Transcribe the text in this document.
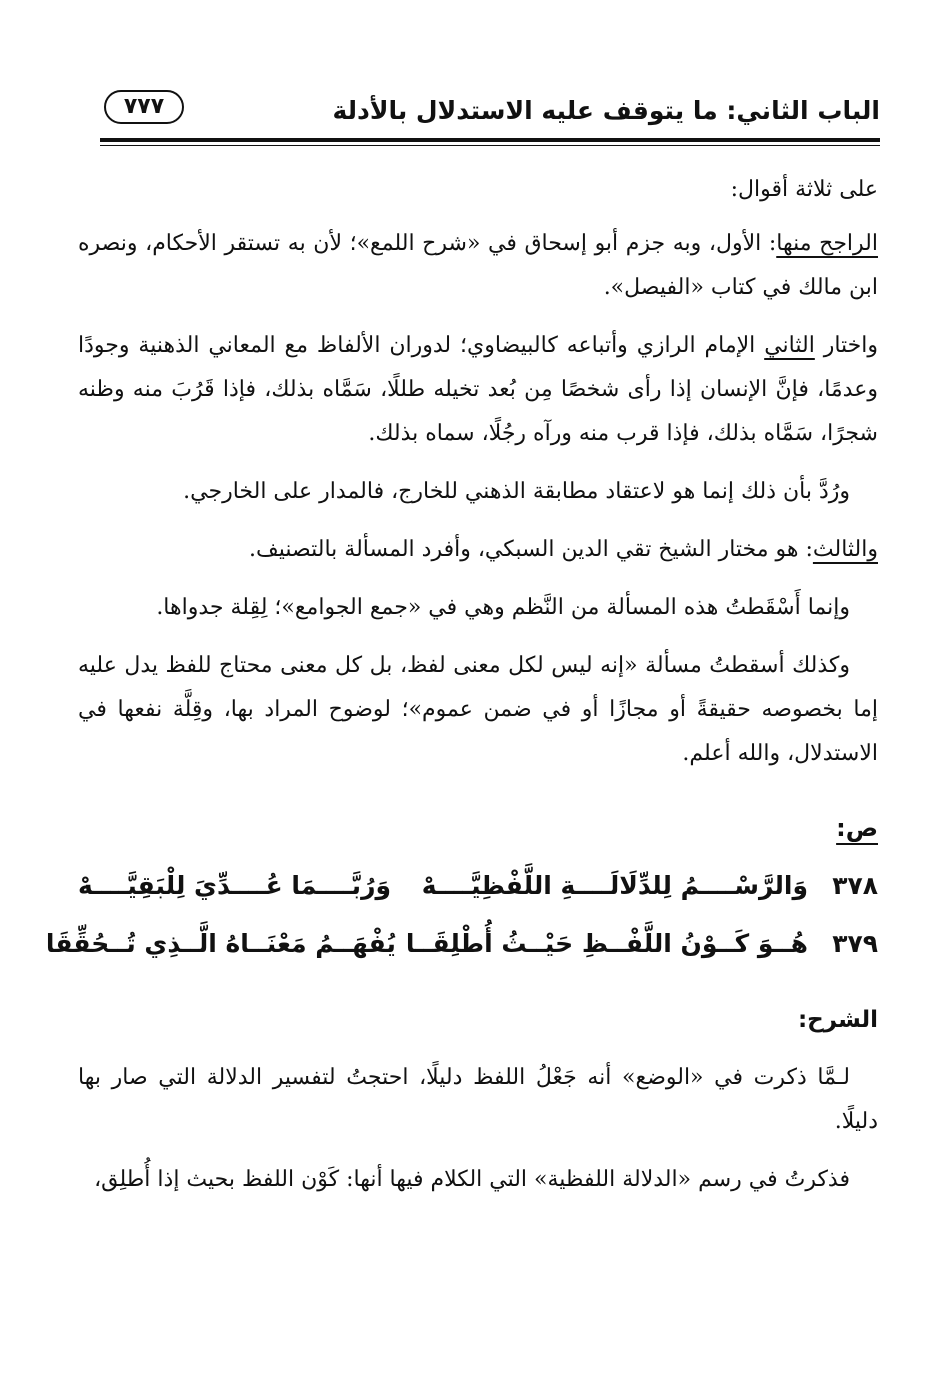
الباب الثاني: ما يتوقف عليه الاستدلال بالأدلة
٧٧٧

على ثلاثة أقوال:

الراجح منها: الأول، وبه جزم أبو إسحاق في «شرح اللمع»؛ لأن به تستقر الأحكام، ونصره ابن مالك في كتاب «الفيصل».

واختار الثاني الإمام الرازي وأتباعه كالبيضاوي؛ لدوران الألفاظ مع المعاني الذهنية وجودًا وعدمًا، فإنَّ الإنسان إذا رأى شخصًا مِن بُعد تخيله طللًا، سَمَّاه بذلك، فإذا قَرُبَ منه وظنه شجرًا، سَمَّاه بذلك، فإذا قرب منه ورآه رجُلًا، سماه بذلك.

ورُدَّ بأن ذلك إنما هو لاعتقاد مطابقة الذهني للخارج، فالمدار على الخارجي.

والثالث: هو مختار الشيخ تقي الدين السبكي، وأفرد المسألة بالتصنيف.

وإنما أَسْقَطتُ هذه المسألة من النَّظم وهي في «جمع الجوامع»؛ لِقِلة جدواها.

وكذلك أسقطتُ مسألة «إنه ليس لكل معنى لفظ، بل كل معنى محتاج للفظ يدل عليه إما بخصوصه حقيقةً أو مجازًا أو في ضمن عموم»؛ لوضوح المراد بها، وقِلَّة نفعها في الاستدلال، والله أعلم.

ص:

٣٧٨
وَالرَّسْــــمُ لِلدِّلَالَــــةِ اللَّفْظِيَّــــهْ
وَرُبَّــــمَا عُــــدِّيَ لِلْبَقِيَّــــهْ
٣٧٩
هُــوَ كَــوْنُ اللَّفْــظِ حَيْــثُ أُطْلِقَــا
يُفْهَــمُ مَعْنَــاهُ الَّــذِي تُــحُقِّقَا

الشرح:

لـمَّا ذكرت في «الوضع» أنه جَعْلُ اللفظ دليلًا، احتجتُ لتفسير الدلالة التي صار بها دليلًا.

فذكرتُ في رسم «الدلالة اللفظية» التي الكلام فيها أنها: كَوْن اللفظ بحيث إذا أُطلِق،
